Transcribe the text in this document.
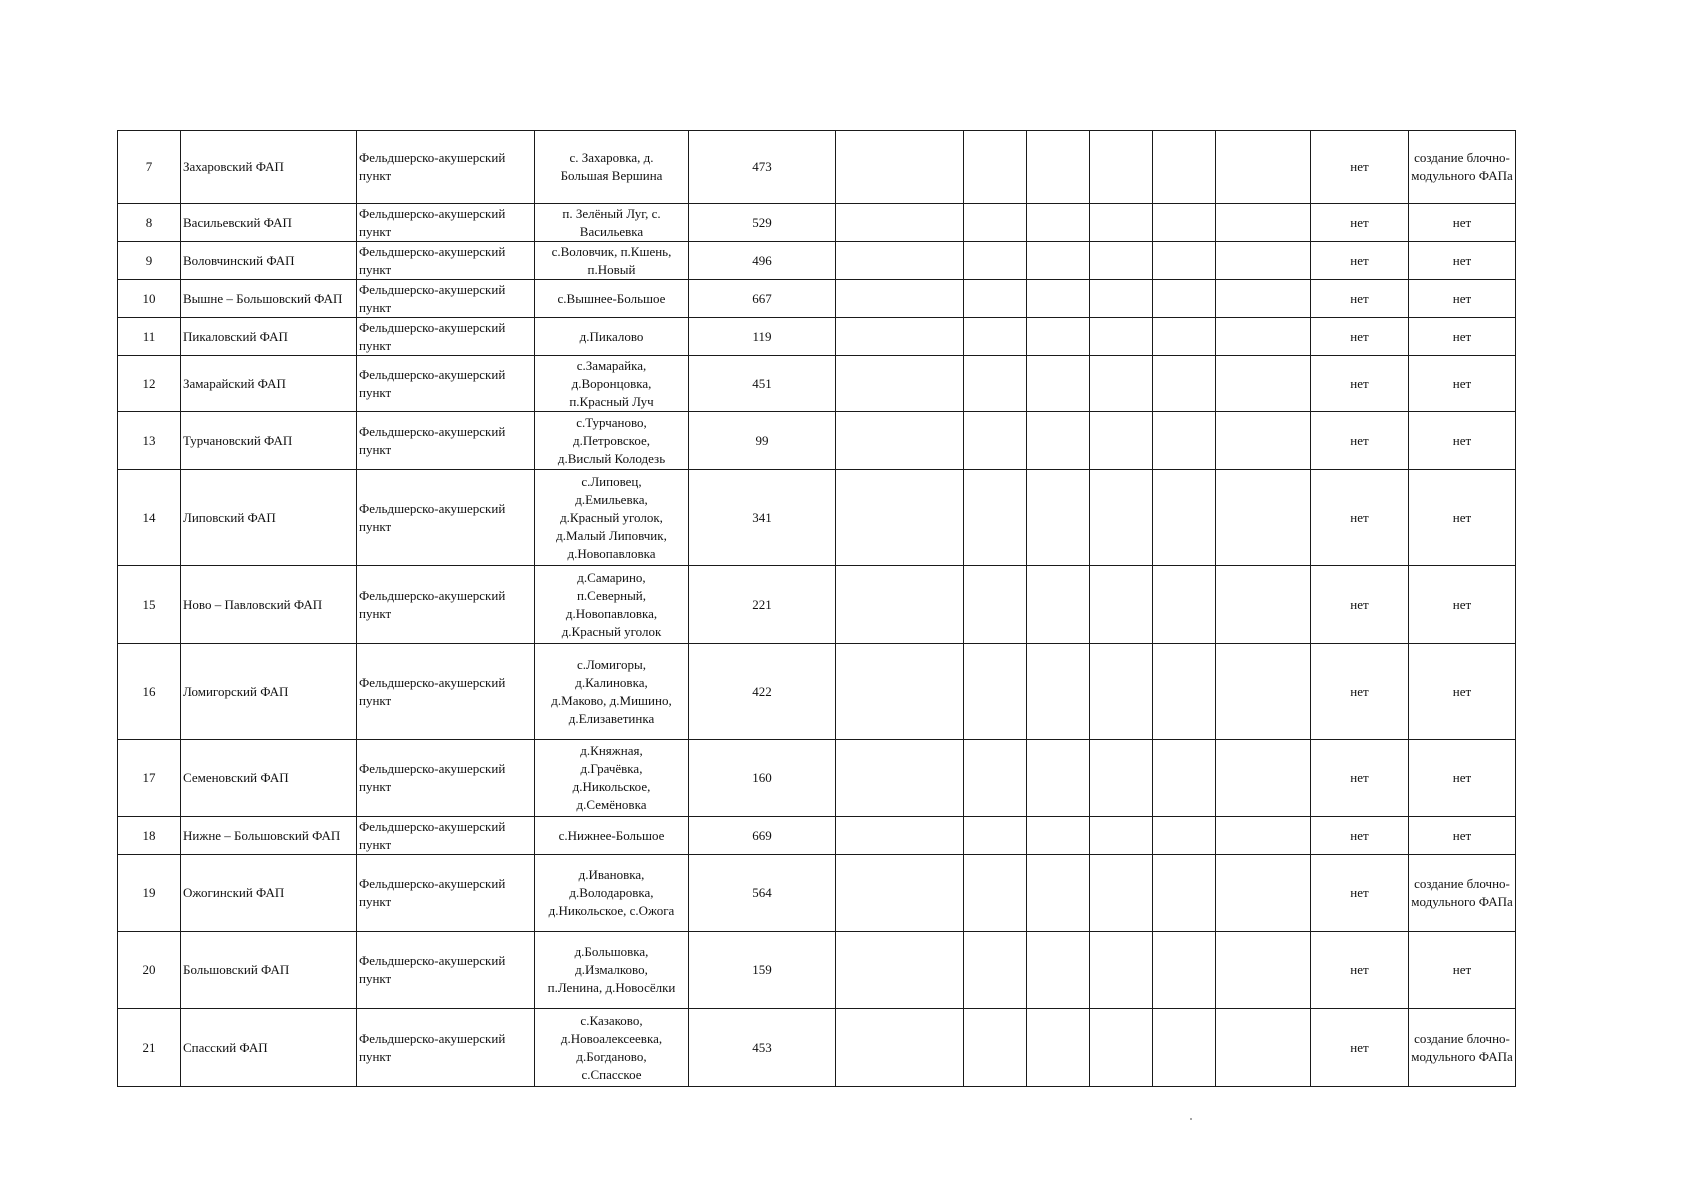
7	Захаровский ФАП	Фельдшерско-акушерский пункт	с. Захаровка, д.
Большая Вершина	473							нет	создание блочно-модульного ФАПа
8	Васильевский ФАП	Фельдшерско-акушерский пункт	п. Зелёный Луг, с.
Васильевка	529							нет	нет
9	Воловчинский ФАП	Фельдшерско-акушерский пункт	с.Воловчик, п.Кшень,
п.Новый	496							нет	нет
10	Вышне – Большовский ФАП	Фельдшерско-акушерский пункт	с.Вышнее-Большое	667							нет	нет
11	Пикаловский ФАП	Фельдшерско-акушерский пункт	д.Пикалово	119							нет	нет
12	Замарайский ФАП	Фельдшерско-акушерский пункт	с.Замарайка,
д.Воронцовка,
п.Красный Луч	451							нет	нет
13	Турчановский ФАП	Фельдшерско-акушерский пункт	с.Турчаново,
д.Петровское,
д.Вислый Колодезь	99							нет	нет
14	Липовский ФАП	Фельдшерско-акушерский пункт	с.Липовец,
д.Емильевка,
д.Красный уголок,
д.Малый Липовчик,
д.Новопавловка	341							нет	нет
15	Ново – Павловский ФАП	Фельдшерско-акушерский пункт	д.Самарино,
п.Северный,
д.Новопавловка,
д.Красный уголок	221							нет	нет
16	Ломигорский ФАП	Фельдшерско-акушерский пункт	с.Ломигоры,
д.Калиновка,
д.Маково, д.Мишино,
д.Елизаветинка	422							нет	нет
17	Семеновский ФАП	Фельдшерско-акушерский пункт	д.Княжная,
д.Грачёвка,
д.Никольское,
д.Семёновка	160							нет	нет
18	Нижне – Большовский ФАП	Фельдшерско-акушерский пункт	с.Нижнее-Большое	669							нет	нет
19	Ожогинский ФАП	Фельдшерско-акушерский пункт	д.Ивановка,
д.Володаровка,
д.Никольское, с.Ожога	564							нет	создание блочно-модульного ФАПа
20	Большовский ФАП	Фельдшерско-акушерский пункт	д.Большовка,
д.Измалково,
п.Ленина, д.Новосёлки	159							нет	нет
21	Спасский ФАП	Фельдшерско-акушерский пункт	с.Казаково,
д.Новоалексеевка,
д.Богданово,
с.Спасское	453							нет	создание блочно-модульного ФАПа
